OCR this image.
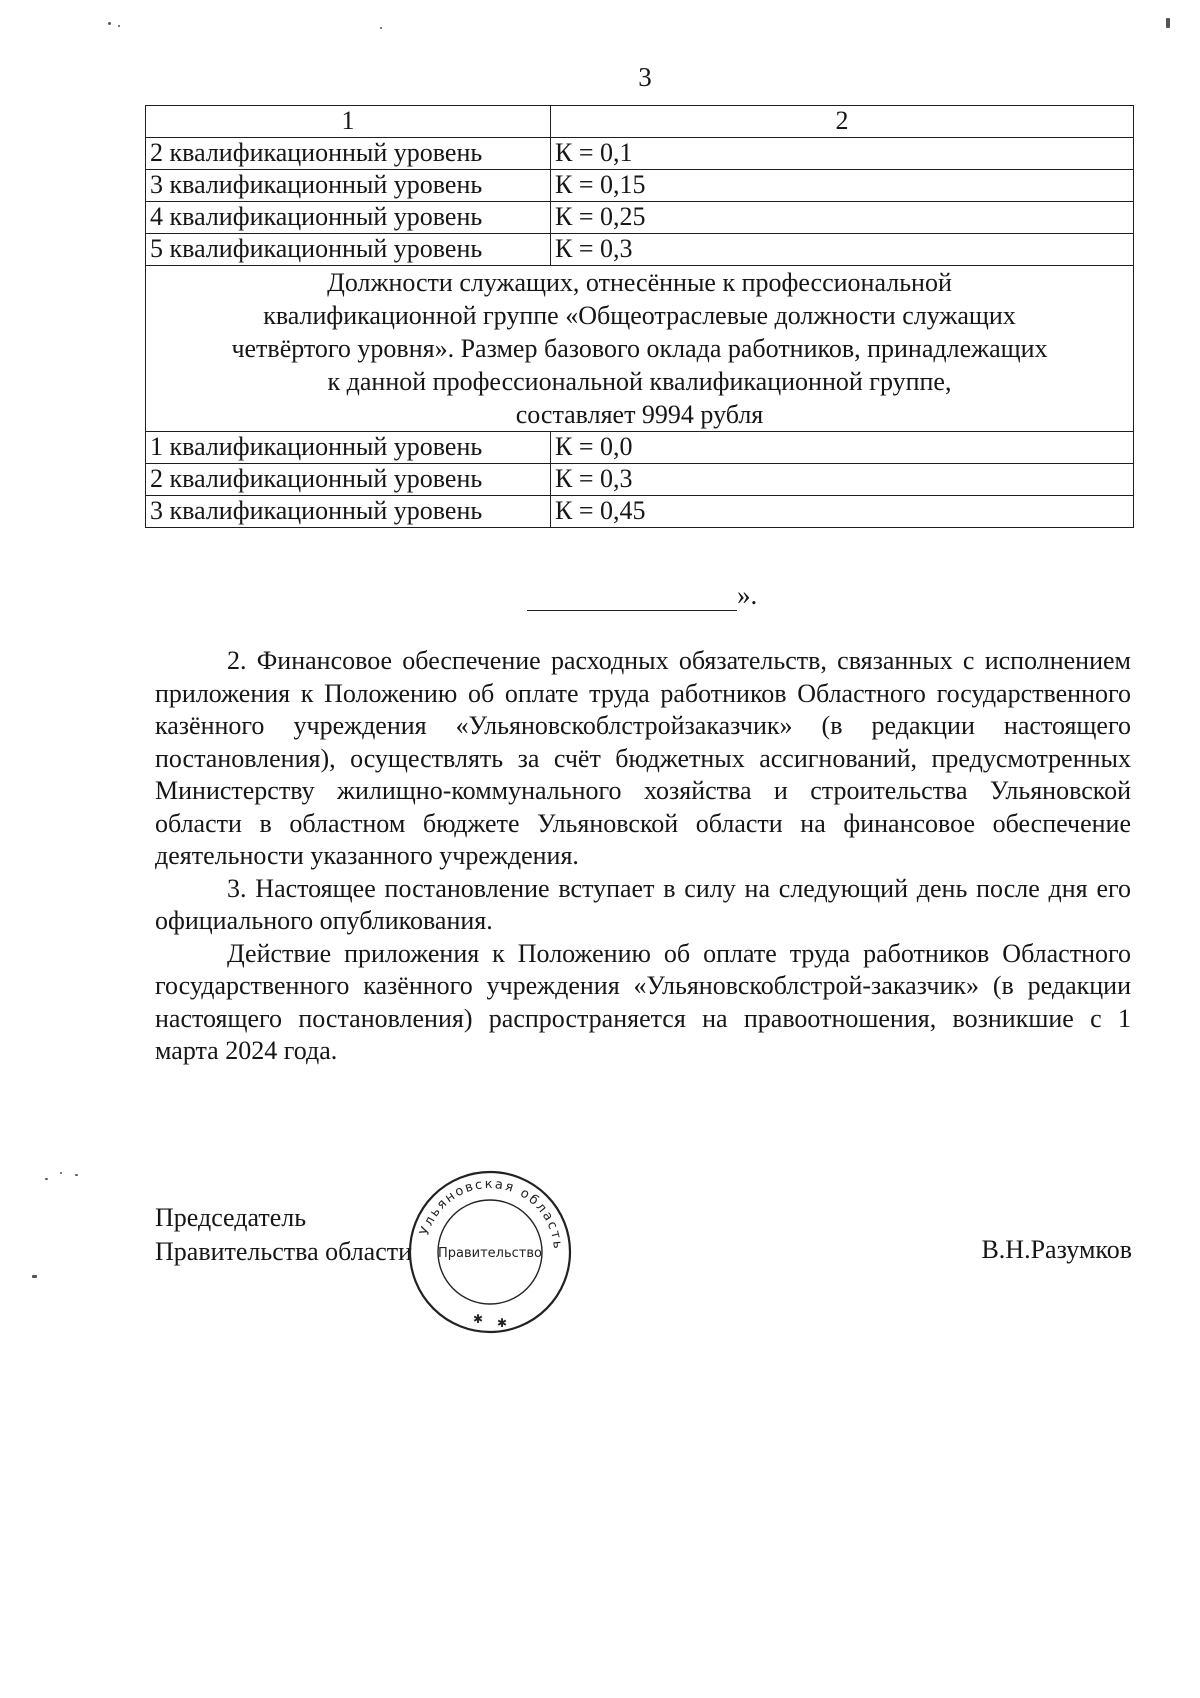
3
1	2
2 квалификационный уровень	К = 0,1
3 квалификационный уровень	К = 0,15
4 квалификационный уровень	К = 0,25
5 квалификационный уровень	К = 0,3

Должности служащих, отнесённые к профессиональной
квалификационной группе «Общеотраслевые должности служащих
четвёртого уровня». Размер базового оклада работников, принадлежащих
к данной профессиональной квалификационной группе,
составляет 9994 рубля	

1 квалификационный уровень	К = 0,0
2 квалификационный уровень	К = 0,3
3 квалификационный уровень	К = 0,45
».

2. Финансовое обеспечение расходных обязательств, связанных с исполнением приложения к Положению об оплате труда работников Областного государственного казённого учреждения «Ульяновскоблстройзаказчик» (в редакции настоящего постановления), осуществлять за счёт бюджетных ассигнований, предусмотренных Министерству жилищно-коммунального хозяйства и строительства Ульяновской области в областном бюджете Ульяновской области на финансовое обеспечение деятельности указанного учреждения.

3. Настоящее постановление вступает в силу на следующий день после дня его официального опубликования.

Действие приложения к Положению об оплате труда работников Областного государственного казённого учреждения «Ульяновскоблстрой-заказчик» (в редакции настоящего постановления) распространяется на правоотношения, возникшие с 1 марта 2024 года.

Председатель
Правительства области
Ульяновская область
Правительство
✱ ✱
В.Н.Разумков
